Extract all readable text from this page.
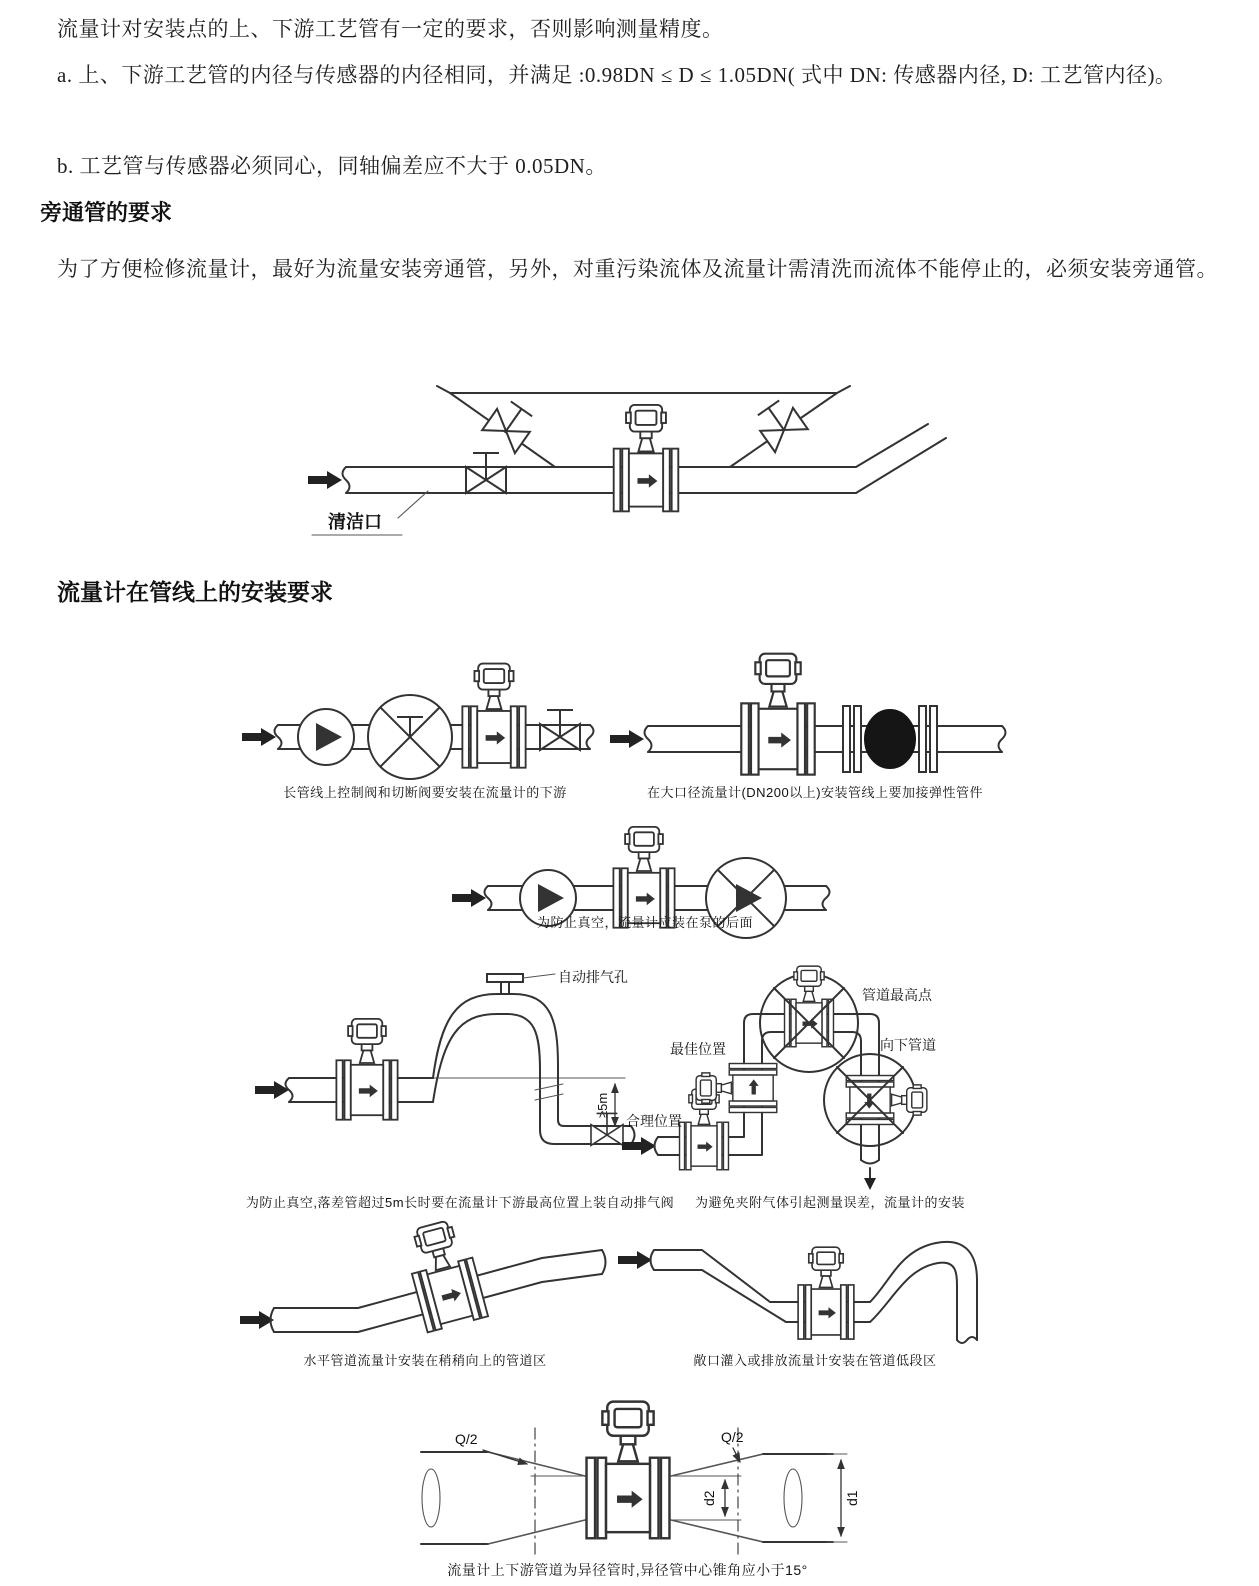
流量计对安装点的上、下游工艺管有一定的要求，否则影响测量精度。

a. 上、下游工艺管的内径与传感器的内径相同，并满足 :0.98DN ≤ D ≤ 1.05DN( 式中 DN: 传感器内径, D: 工艺管内径)。

b. 工艺管与传感器必须同心，同轴偏差应不大于 0.05DN。

旁通管的要求

为了方便检修流量计，最好为流量安装旁通管，另外，对重污染流体及流量计需清洗而流体不能停止的，必须安装旁通管。

清洁口
流量计在管线上的安装要求
长管线上控制阀和切断阀要安装在流量计的下游	在大口径流量计(DN200以上)安装管线上要加接弹性管件
为防止真空，流量计应装在泵的后面
自动排气孔
≥5m
为防止真空,落差管超过5m长时要在流量计下游最高位置上装自动排气阀
合理位置
最佳位置
管道最高点
向下管道
为避免夹附气体引起测量误差，流量计的安装
水平管道流量计安装在稍稍向上的管道区	敞口灌入或排放流量计安装在管道低段区
Q/2	Q/2
d2	d1
流量计上下游管道为异径管时,异径管中心锥角应小于15°
